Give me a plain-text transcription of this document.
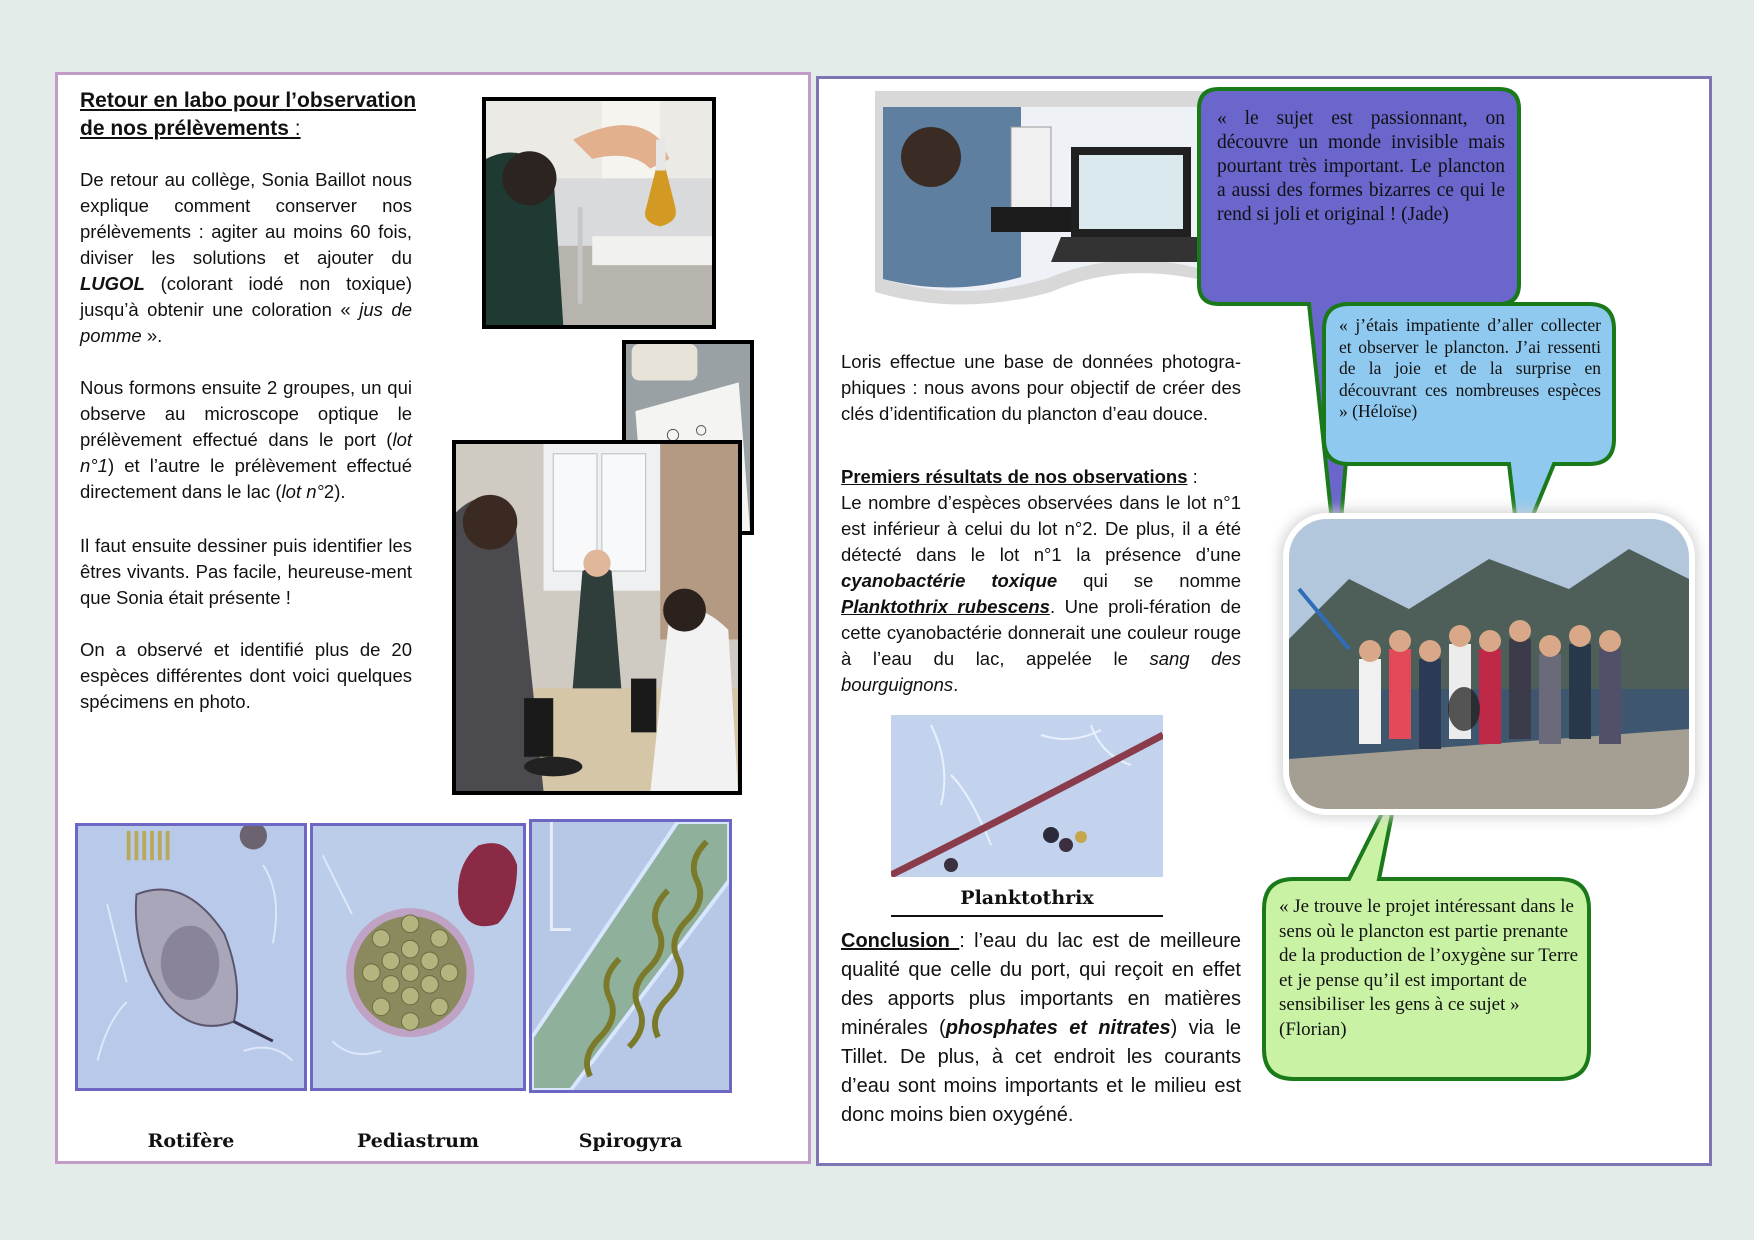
Retour en labo pour l’observation
de nos prélèvements :
De retour au collège, Sonia Baillot nous explique comment conserver nos prélèvements : agiter au moins 60 fois, diviser les solutions et ajouter du LUGOL (colorant iodé non toxique) jusqu’à obtenir une coloration « jus de pomme ».
Nous formons ensuite 2 groupes, un qui observe au microscope optique le prélèvement effectué dans le port (lot n°1) et l’autre le prélèvement effectué directement dans le lac (lot n°2).
Il faut ensuite dessiner puis identifier les êtres vivants. Pas facile, heureuse-ment que Sonia était présente !
On a observé et identifié plus de 20 espèces différentes dont voici quelques spécimens en photo.
Rotifère	Pediastrum	Spirogyra
Loris effectue une base de données photogra-phiques : nous avons pour objectif de créer des clés d’identification du plancton d’eau douce.
Premiers résultats de nos observations :
Le nombre d’espèces observées dans le lot n°1 est inférieur à celui du lot n°2. De plus, il a été détecté dans le lot n°1 la présence d’une cyanobactérie toxique qui se nomme Planktothrix rubescens. Une proli-fération de cette cyanobactérie donnerait une couleur rouge à l’eau du lac, appelée le sang des bourguignons.
Planktothrix
Conclusion : l’eau du lac est de meilleure qualité que celle du port, qui reçoit en effet des apports plus importants en matières minérales (phosphates et nitrates) via le Tillet. De plus, à cet endroit les courants d’eau sont moins importants et le milieu est donc moins bien oxygéné.
« le sujet est passionnant, on découvre un monde invisible mais pourtant très important. Le plancton a aussi des formes bizarres ce qui le rend si joli et original ! (Jade)
« j’étais impatiente d’aller collecter et observer le plancton. J’ai ressenti de la joie et de la surprise en découvrant ces nombreuses espèces » (Héloïse)
« Je trouve le projet intéressant dans le sens où le plancton est partie prenante de la production de l’oxygène sur Terre et je pense qu’il est important de sensibiliser les gens à ce sujet » (Florian)
